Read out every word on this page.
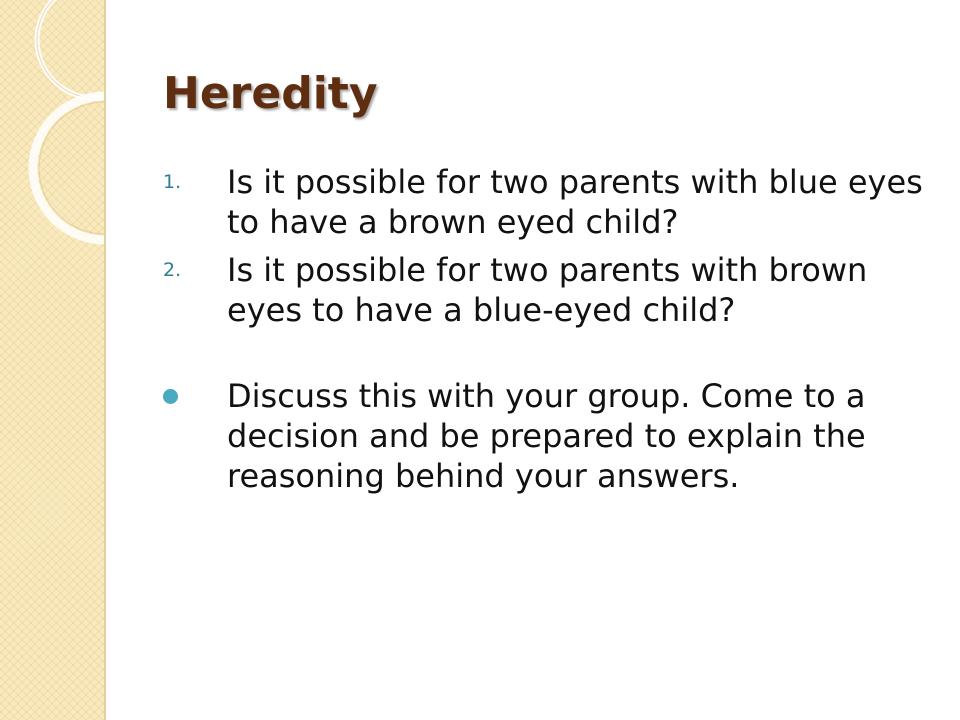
Heredity
1.	Is it possible for two parents with blue eyes to have a brown eyed child?
2.	Is it possible for two parents with brown eyes to have a blue-eyed child?
Discuss this with your group. Come to a decision and be prepared to explain the reasoning behind your answers.
